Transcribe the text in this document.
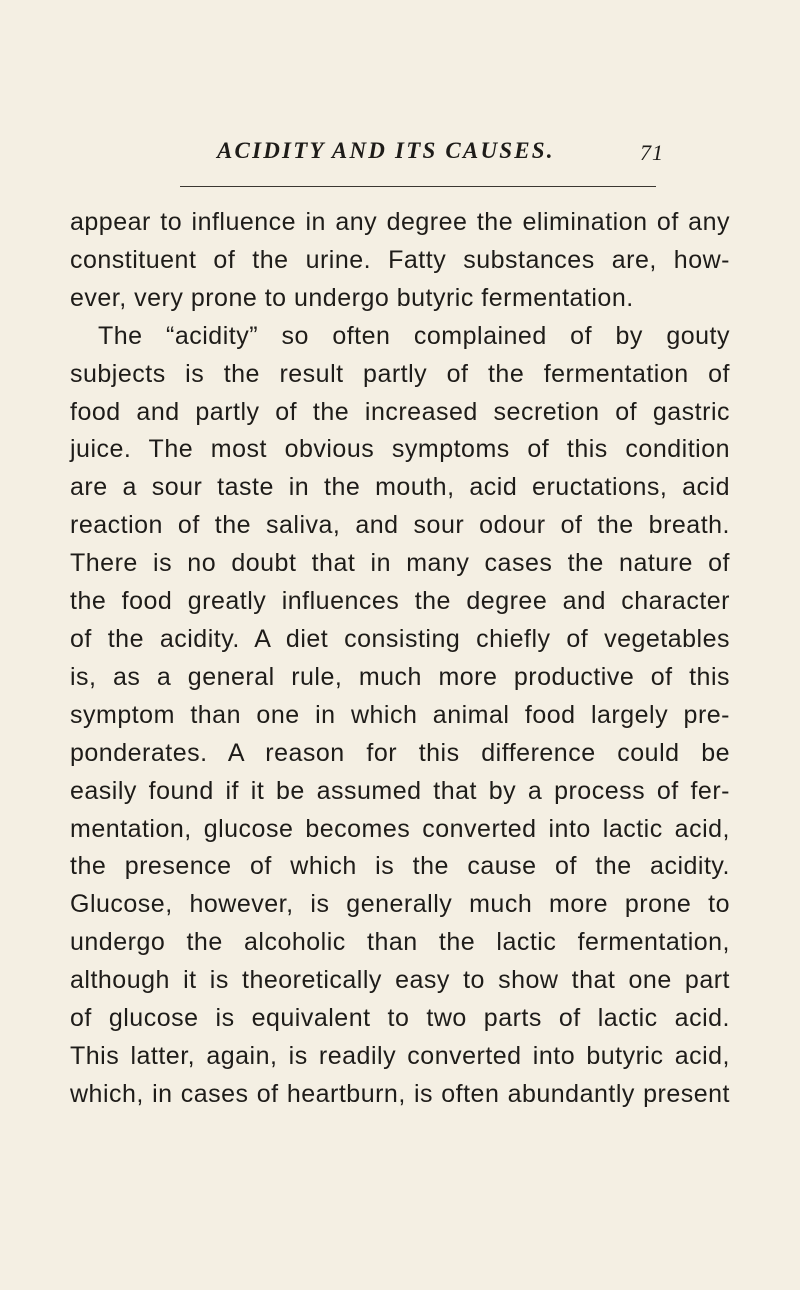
ACIDITY AND ITS CAUSES.	71
appear to influence in any degree the elimination of any
constituent of the urine. Fatty substances are, how-
ever, very prone to undergo butyric fermentation.
The “acidity” so often complained of by gouty
subjects is the result partly of the fermentation of
food and partly of the increased secretion of gastric
juice. The most obvious symptoms of this condition
are a sour taste in the mouth, acid eructations, acid
reaction of the saliva, and sour odour of the breath.
There is no doubt that in many cases the nature of
the food greatly influences the degree and character
of the acidity. A diet consisting chiefly of vegetables
is, as a general rule, much more productive of this
symptom than one in which animal food largely pre-
ponderates. A reason for this difference could be
easily found if it be assumed that by a process of fer-
mentation, glucose becomes converted into lactic acid,
the presence of which is the cause of the acidity.
Glucose, however, is generally much more prone to
undergo the alcoholic than the lactic fermentation,
although it is theoretically easy to show that one part
of glucose is equivalent to two parts of lactic acid.
This latter, again, is readily converted into butyric acid,
which, in cases of heartburn, is often abundantly present
